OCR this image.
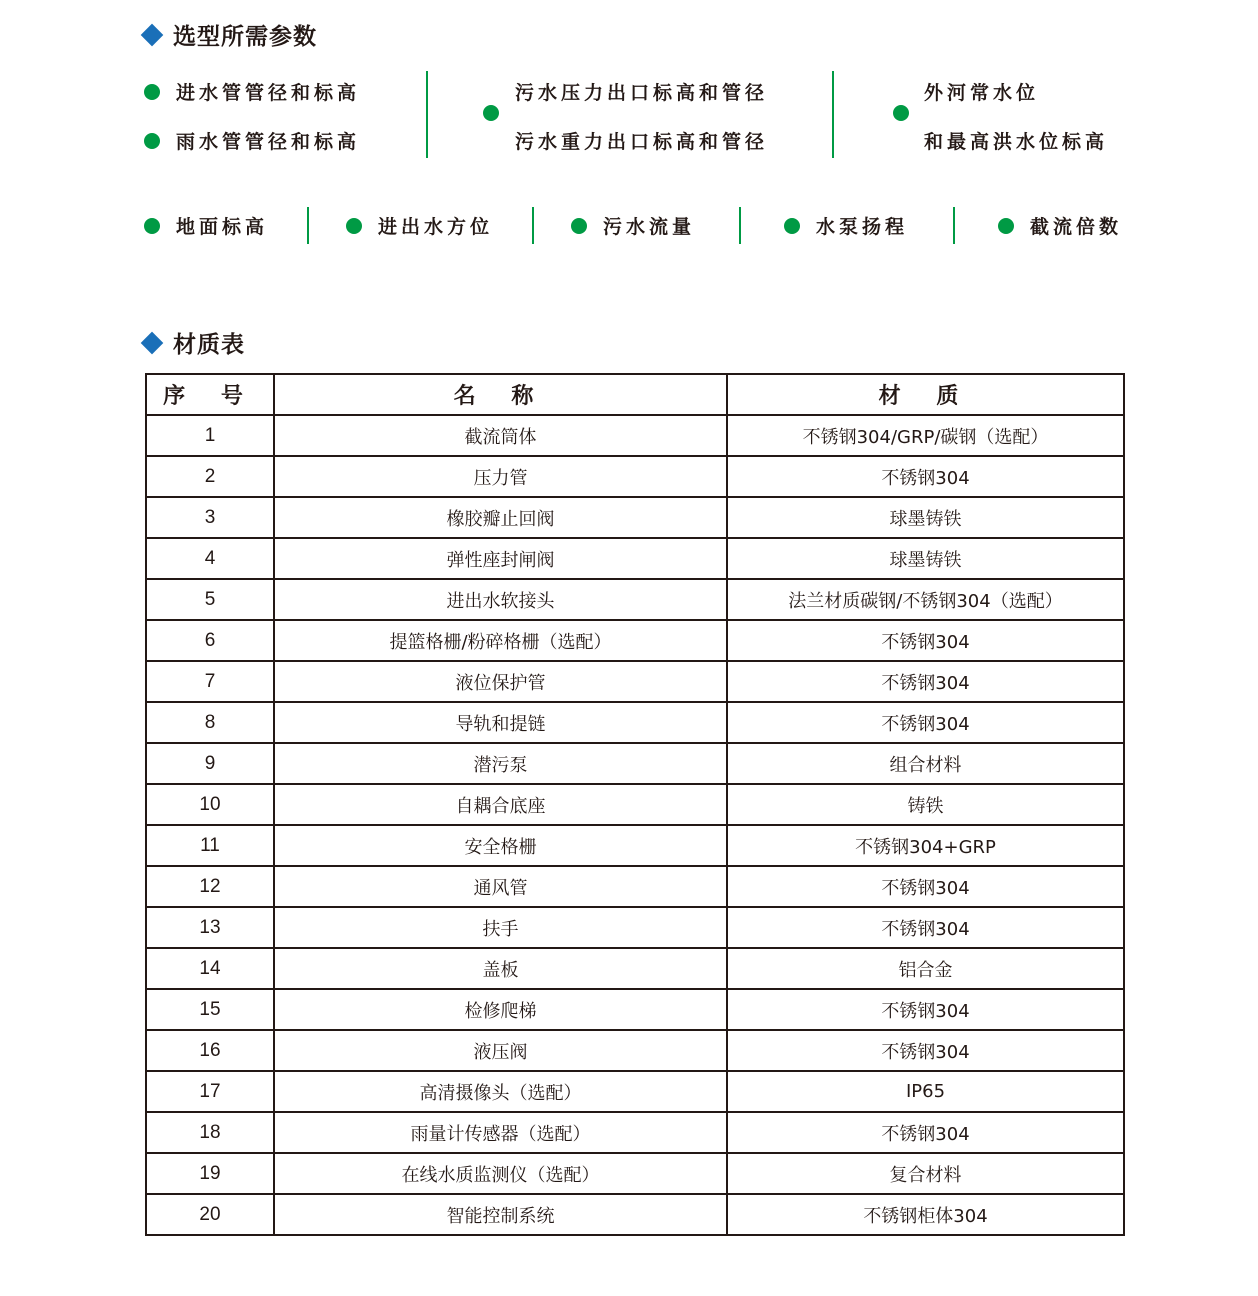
选型所需参数
进水管管径和标高
雨水管管径和标高
污水压力出口标高和管径
污水重力出口标高和管径
外河常水位
和最高洪水位标高
地面标高	进出水方位	污水流量	水泵扬程	截流倍数
材质表
序 号	名 称	材 质
1	截流筒体	不锈钢304/GRP/碳钢（选配）
2	压力管	不锈钢304
3	橡胶瓣止回阀	球墨铸铁
4	弹性座封闸阀	球墨铸铁
5	进出水软接头	法兰材质碳钢/不锈钢304（选配）
6	提篮格栅/粉碎格栅（选配）	不锈钢304
7	液位保护管	不锈钢304
8	导轨和提链	不锈钢304
9	潜污泵	组合材料
10	自耦合底座	铸铁
11	安全格栅	不锈钢304+GRP
12	通风管	不锈钢304
13	扶手	不锈钢304
14	盖板	铝合金
15	检修爬梯	不锈钢304
16	液压阀	不锈钢304
17	高清摄像头（选配）	IP65
18	雨量计传感器（选配）	不锈钢304
19	在线水质监测仪（选配）	复合材料
20	智能控制系统	不锈钢柜体304
